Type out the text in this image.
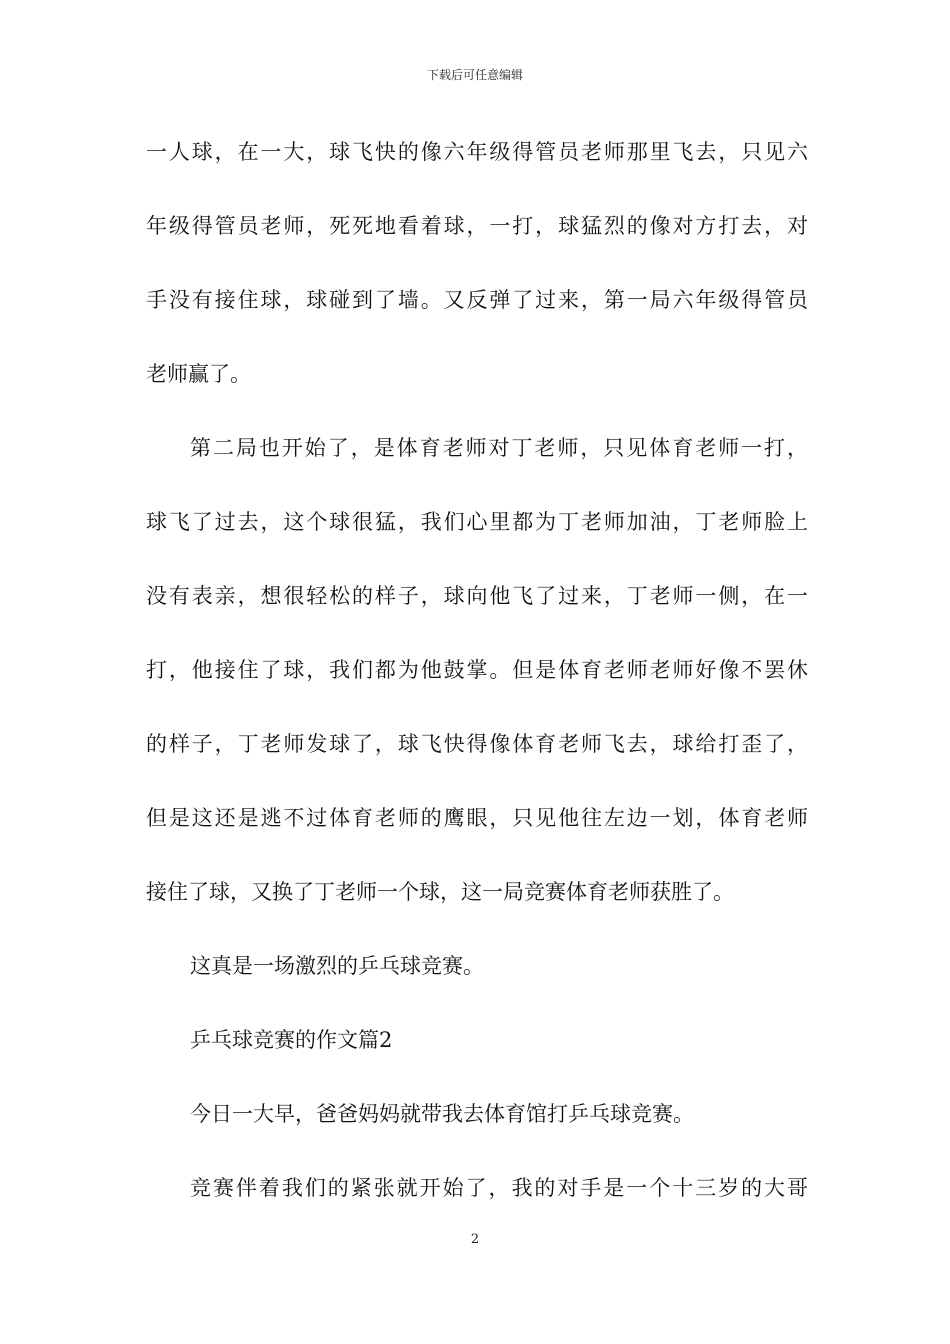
下载后可任意编辑
一人球，在一大，球飞快的像六年级得管员老师那里飞去，只见六
年级得管员老师，死死地看着球，一打，球猛烈的像对方打去，对
手没有接住球，球碰到了墙。又反弹了过来，第一局六年级得管员
老师赢了。
第二局也开始了，是体育老师对丁老师，只见体育老师一打，
球飞了过去，这个球很猛，我们心里都为丁老师加油，丁老师脸上
没有表亲，想很轻松的样子，球向他飞了过来，丁老师一侧，在一
打，他接住了球，我们都为他鼓掌。但是体育老师老师好像不罢休
的样子，丁老师发球了，球飞快得像体育老师飞去，球给打歪了，
但是这还是逃不过体育老师的鹰眼，只见他往左边一划，体育老师
接住了球，又换了丁老师一个球，这一局竞赛体育老师获胜了。
这真是一场激烈的乒乓球竞赛。
乒乓球竞赛的作文篇2
今日一大早，爸爸妈妈就带我去体育馆打乒乓球竞赛。
竞赛伴着我们的紧张就开始了，我的对手是一个十三岁的大哥
2
